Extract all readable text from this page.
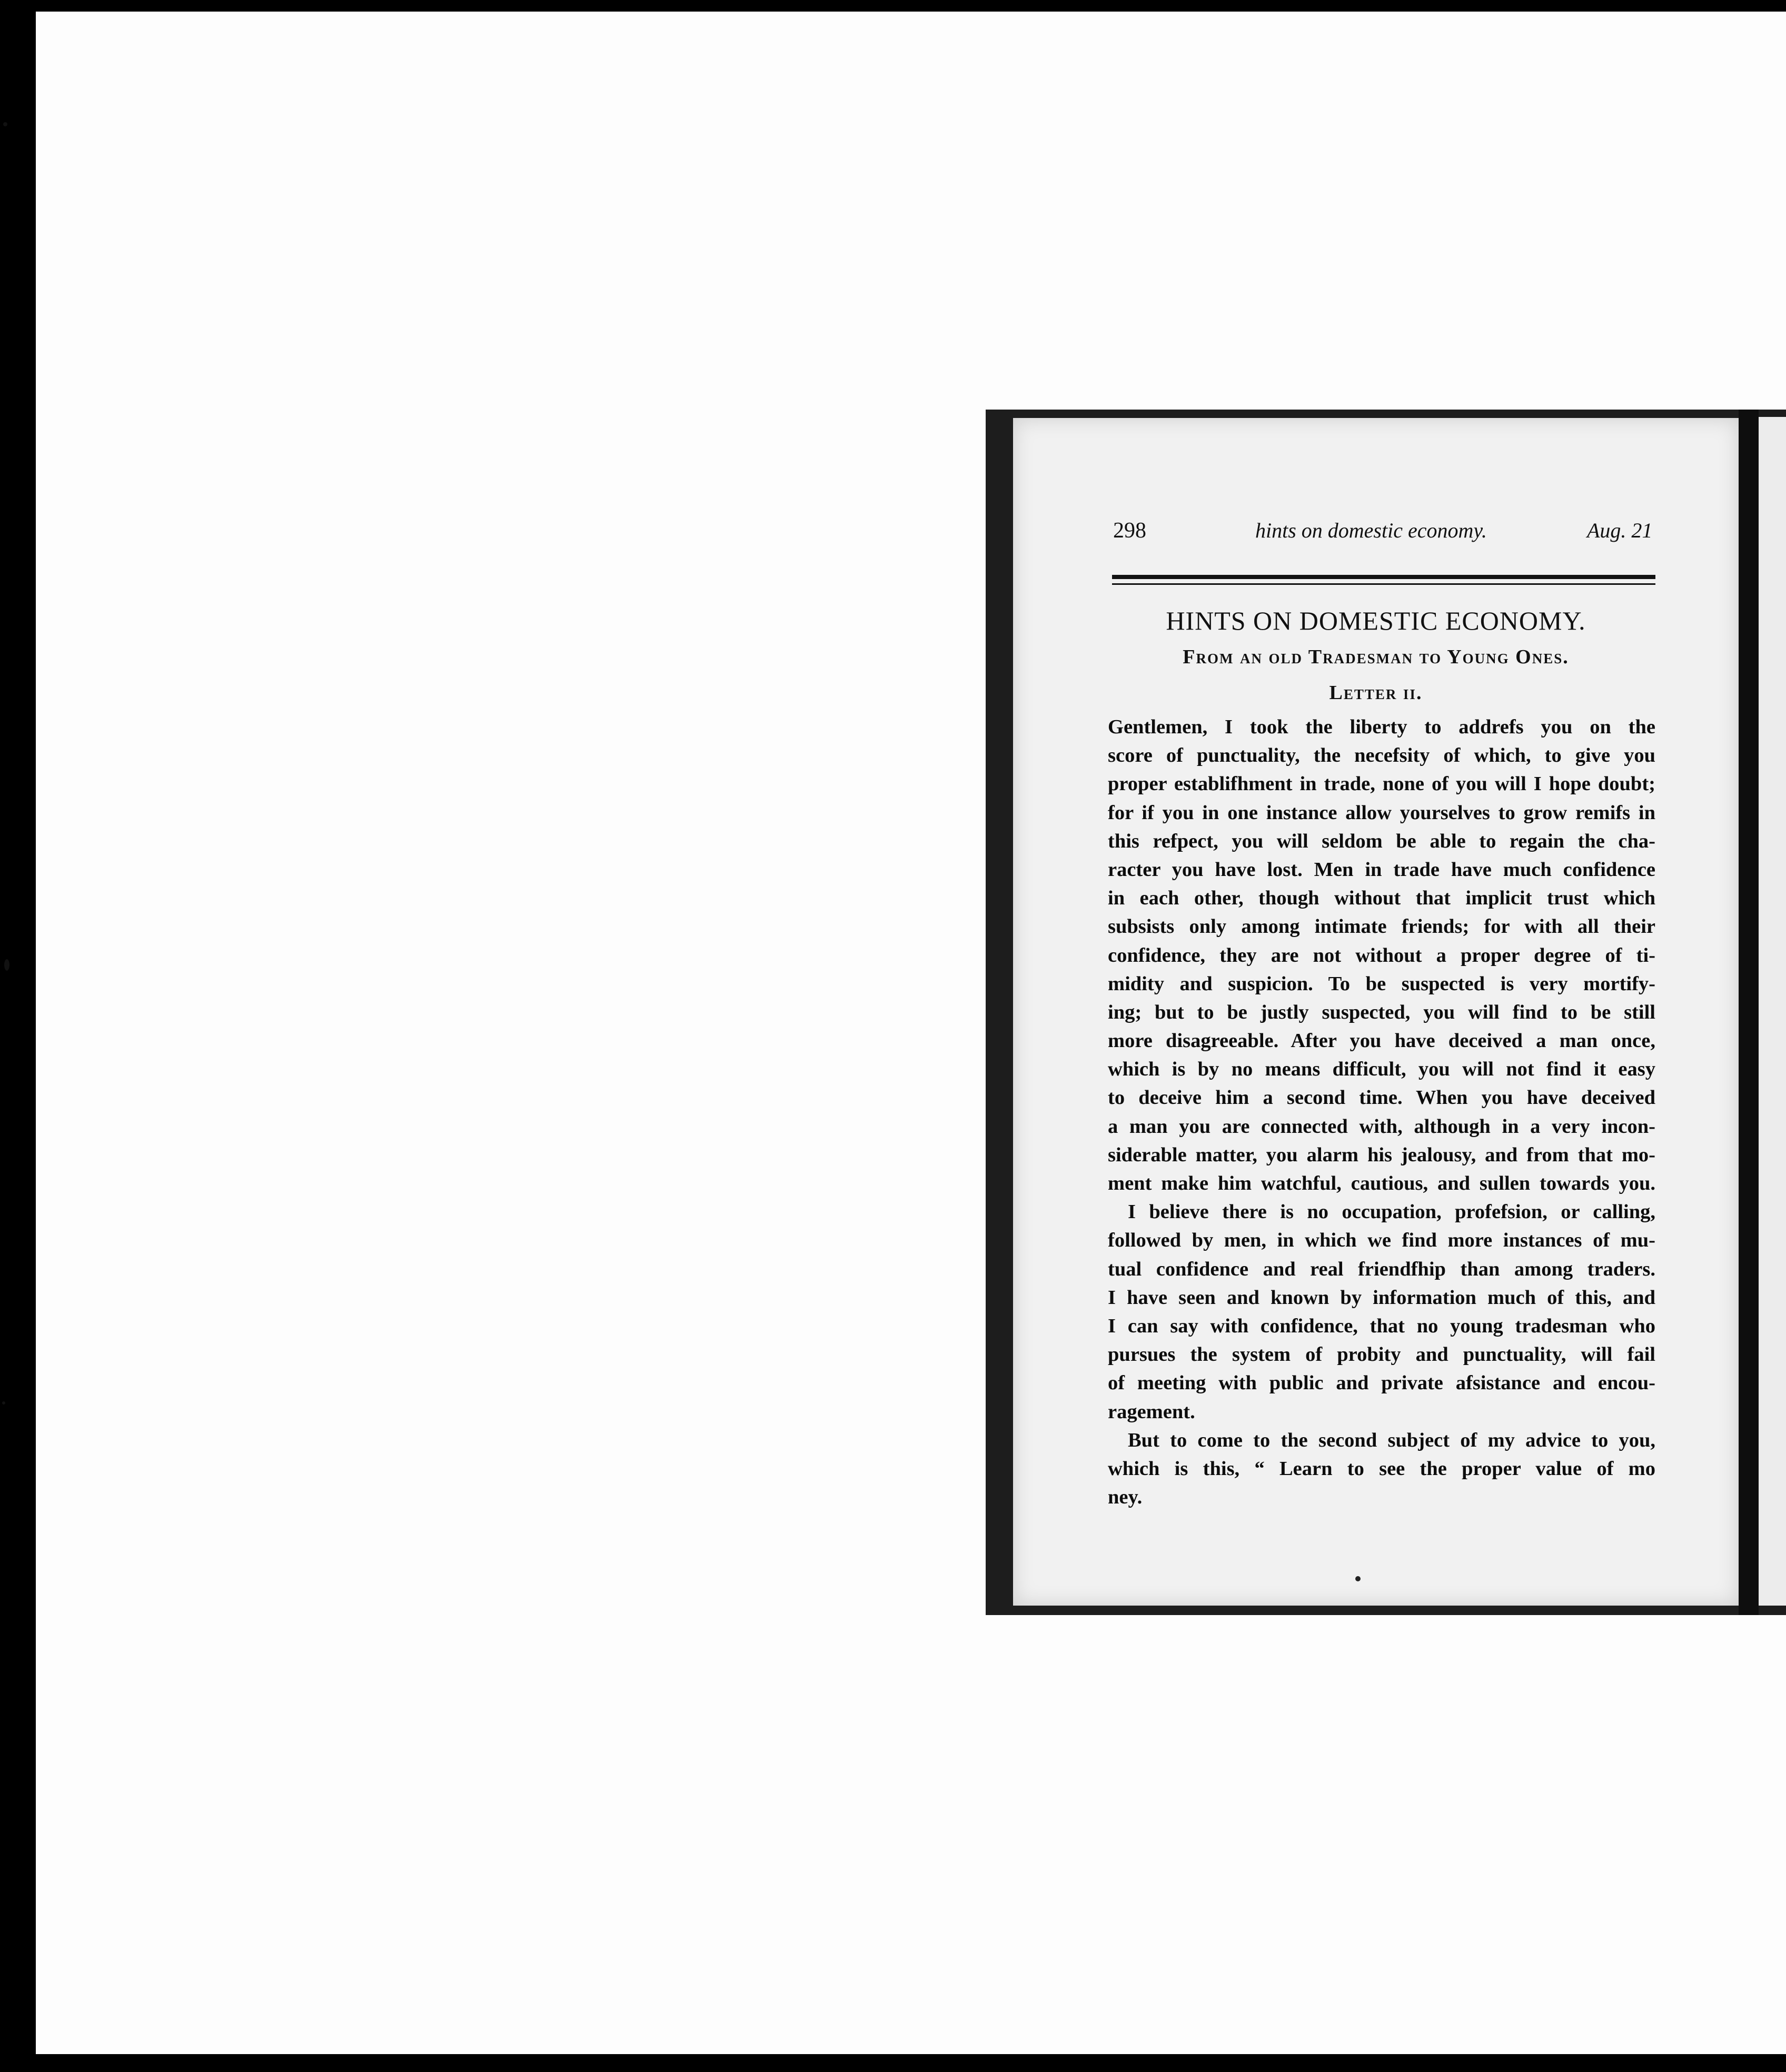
298	hints on domestic economy.	Aug. 21
HINTS ON DOMESTIC ECONOMY.
From an old Tradesman to Young Ones.
Letter ii.
Gentlemen, I took the liberty to addrefs you on the
score of punctuality, the necefsity of which, to give you
proper establifhment in trade, none of you will I hope doubt;
for if you in one instance allow yourselves to grow remifs in
this refpect, you will seldom be able to regain the cha-
racter you have lost. Men in trade have much confidence
in each other, though without that implicit trust which
subsists only among intimate friends; for with all their
confidence, they are not without a proper degree of ti-
midity and suspicion. To be suspected is very mortify-
ing; but to be justly suspected, you will find to be still
more disagreeable. After you have deceived a man once,
which is by no means difficult, you will not find it easy
to deceive him a second time. When you have deceived
a man you are connected with, although in a very incon-
siderable matter, you alarm his jealousy, and from that mo-
ment make him watchful, cautious, and sullen towards you.
I believe there is no occupation, profefsion, or calling,
followed by men, in which we find more instances of mu-
tual confidence and real friendfhip than among traders.
I have seen and known by information much of this, and
I can say with confidence, that no young tradesman who
pursues the system of probity and punctuality, will fail
of meeting with public and private afsistance and encou-
ragement.
But to come to the second subject of my advice to you,
which is this, “ Learn to see the proper value of mo
ney.
